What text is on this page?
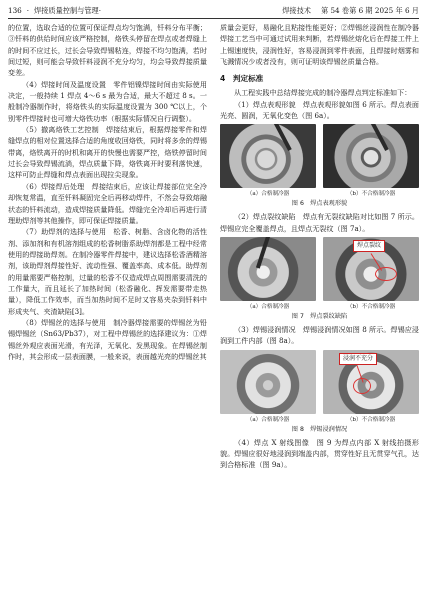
136 · 焊接质量控制与管理·	焊接技术 第 54 卷第 6 期 2025 年 6 月

的位置，选取合适的位置可保证焊点均匀饱满，钎料分布平衡；③钎料的供给时间应该严格控制，烙铁头停留在焊点或者焊缝上的时间不应过长，过长会导致焊锡粘连，焊接不均匀饱满，若时间过短，则可能会导致钎料浸润不充分均匀，均会导致焊接质量变差。

（4）焊接时间及温度设置　零件铝镍焊接时间由实际使用决定，一般持续 1 焊点 4～6 s 最为合适，最大不超过 8 s。一般制冷器制作时，将烙铁头的实际温度设置为 300 ℃以上，个别零件焊接时也可增大烙铁功率（根据实际情况自行调整）。

（5）撤离烙铁工艺控制　焊接结束后，根据焊接零件和焊缝焊点的相对位置选择合适的角度收回烙铁，同时将多余的焊锡带离，烙铁离开的时机和离开的快慢也需要严控，烙铁停留时间过长会导致焊锡流淌，焊点质量下降，烙铁离开时要利落快速，这样可防止焊缝和焊点表面出现拉尖现象。

（6）焊接焊后处理　焊接结束后，应该让焊接部位完全冷却恢复常温，直至钎料凝固完全后再移动焊件，不然会导致熔融状态的钎料流动，造成焊接质量降低。焊缝完全冷却后再进行清理助焊剂等其他操作，即可保证焊接质量。

（7）助焊剂的选择与使用　松香、树脂、含卤化物的活性剂、添加剂和有机溶剂组成的松香树脂系助焊剂都是工程中经常使用的焊接助焊剂。在制冷器零件焊接中，建议选择松香酒精溶剂，该助焊剂焊接性好、流动性强、覆盖率高、成本低。助焊剂的用量需要严格控制，过量的松香不仅造成焊点周围需要清洗的工作量大，而且延长了加热时间（松香融化、挥发需要带走热量），降低工作效率，而当加热时间不足时又容易夹杂到钎料中形成夹气、夹渣缺陷[3]。

（8）焊锡丝的选择与使用　制冷器焊接需要的焊锡丝为铅锡焊锡丝（Sn63/Pb37），对工程中焊锡丝的选择建议为：①焊锡丝外观应表面光滑，有光泽，无氧化、发黑现象。在焊锡丝制作时，其会形成一层表面膜，一般来说，表面越光亮的焊锡丝其

质量会更好，易融化且粘接性能更好；②焊锡丝浸润性在制冷器焊接工艺当中可通过试用来判断，若焊锡丝熔化后在焊接工件上上锡速度快，浸润性好，容易浸润到零件表面，且焊接时烟雾和飞溅情况少或者没有，则可证明该焊锡丝质量合格。

4　判定标准

从工程实践中总结焊接完成的制冷器焊点判定标准如下：

（1）焊点表观形貌　焊点表观形貌如图 6 所示。焊点表面光亮、圆润，无氧化变色（图 6a）。

（a）合格制冷器	（b）不合格制冷器
图 6　焊点表观形貌

（2）焊点裂纹缺陷　焊点有无裂纹缺陷对比如图 7 所示。焊锡应完全覆盖焊点，且焊点无裂纹（图 7a）。

（a）合格制冷器
焊点裂纹
（b）不合格制冷器
图 7　焊点裂纹缺陷

（3）焊锡浸润情况　焊锡浸润情况如图 8 所示。焊锡应浸润到工件内部（图 8a）。

（a）合格制冷器
浸润不充分
（b）不合格制冷器
图 8　焊锡浸润情况

（4）焊点 X 射线图像　图 9 为焊点内部 X 射线拍摄形貌。焊锡应很好地浸润到端盖内部，贯穿性好且无贯穿气孔，达到合格标准（图 9a）。
